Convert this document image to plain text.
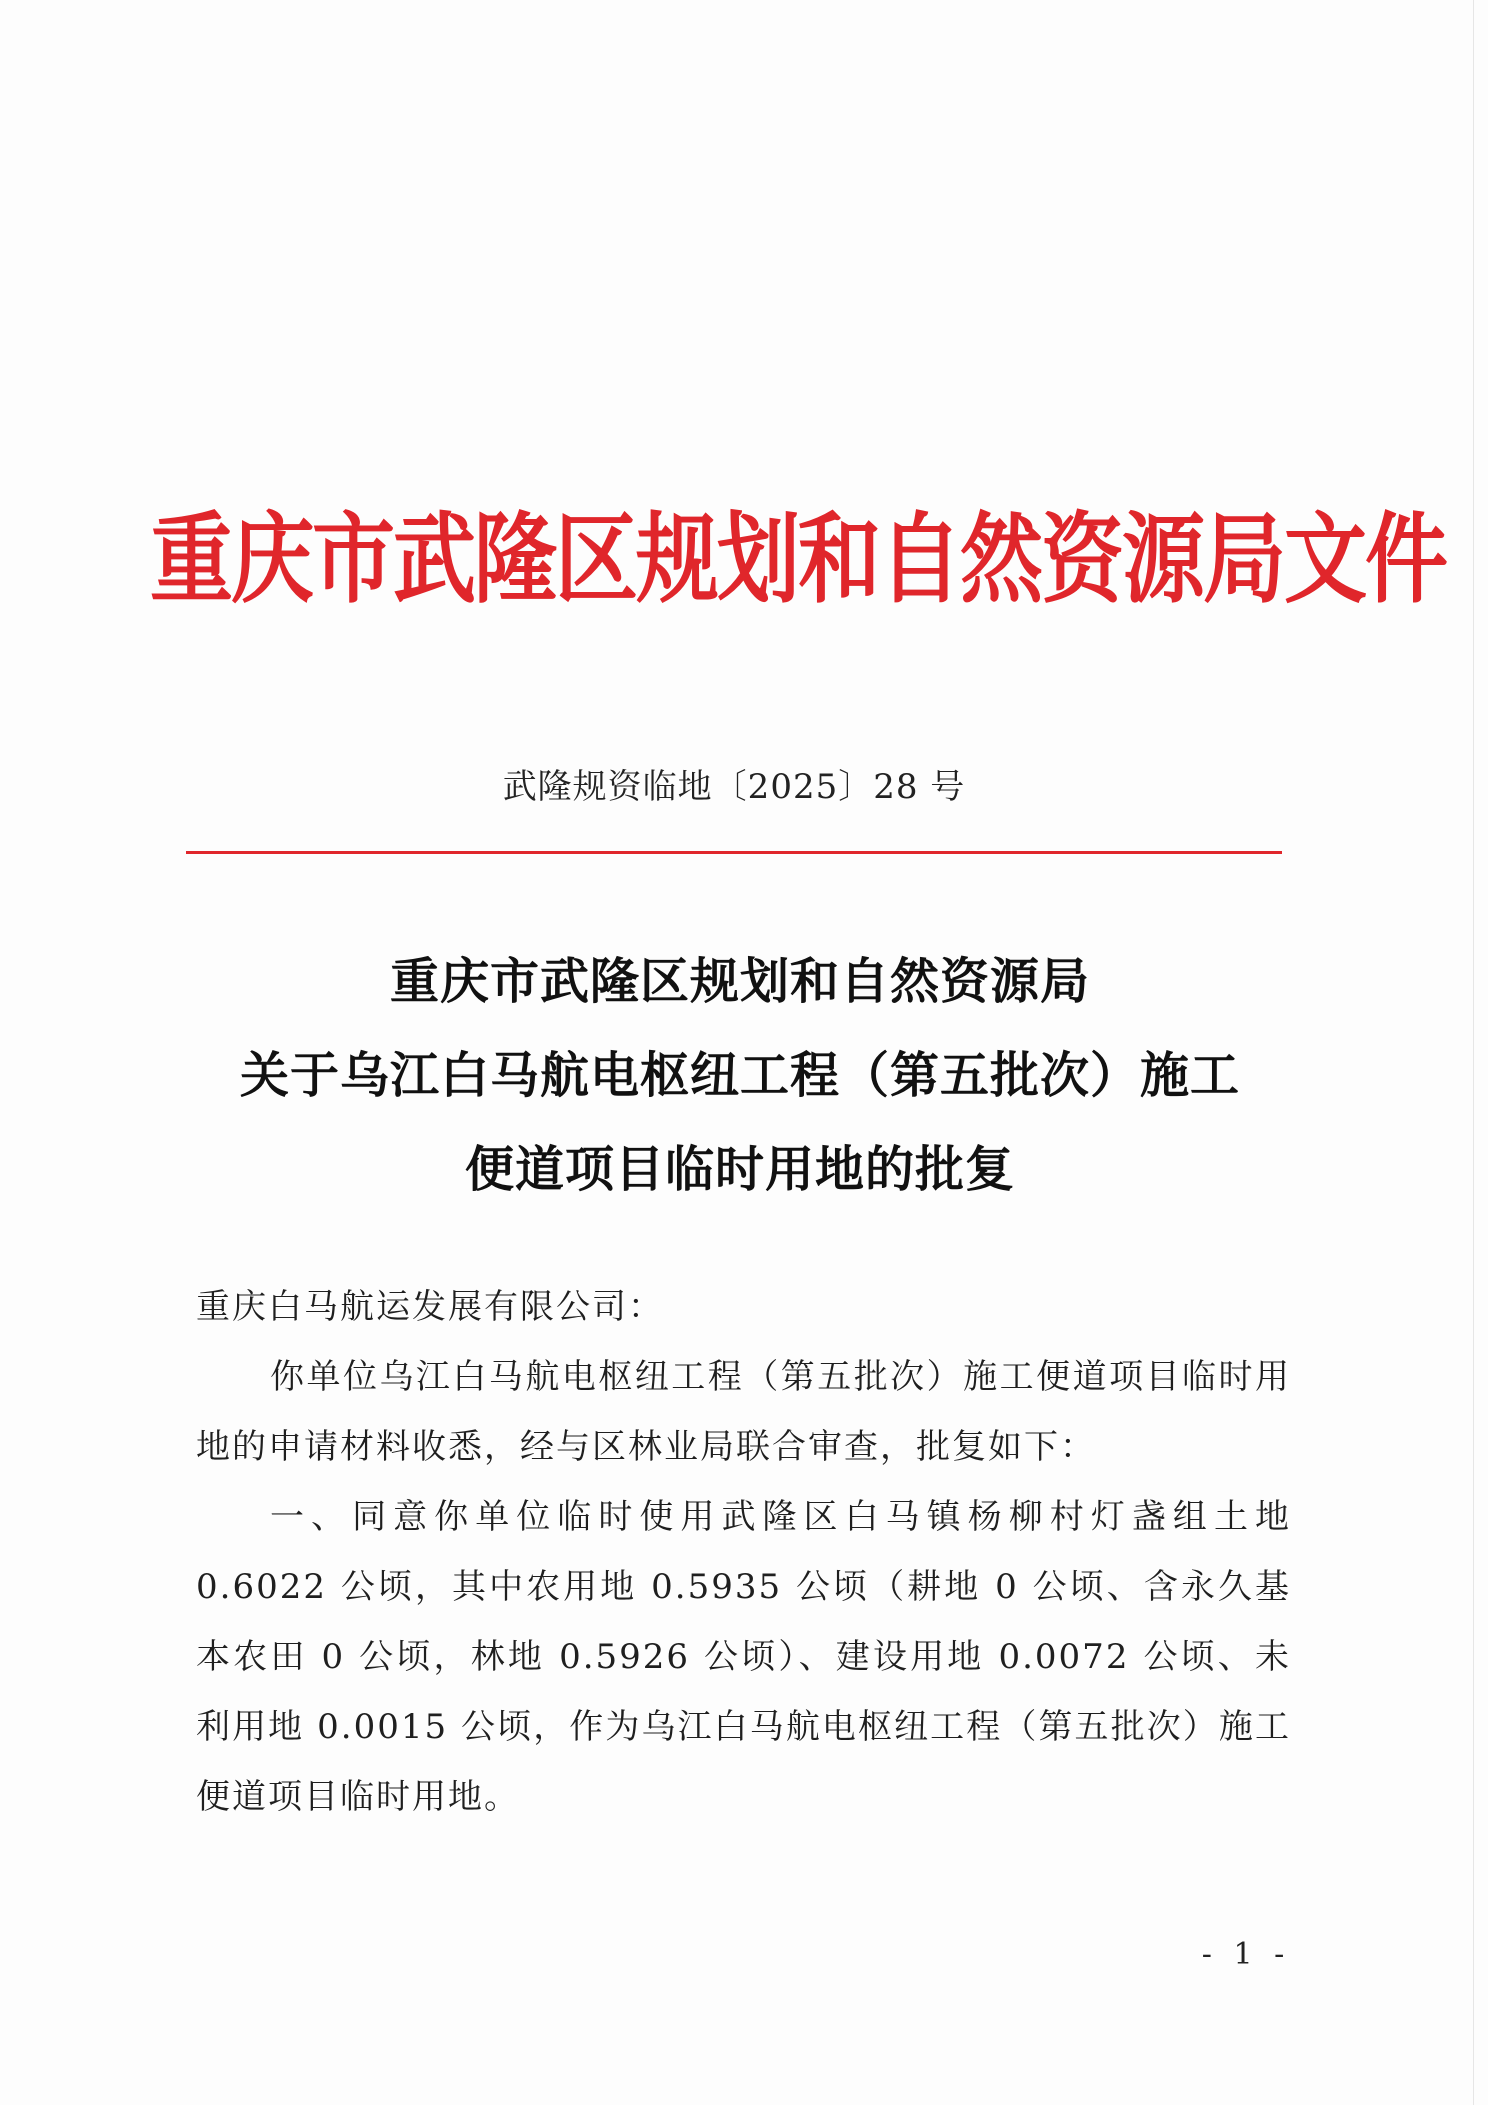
重庆市武隆区规划和自然资源局文件
武隆规资临地〔2025〕28 号
重庆市武隆区规划和自然资源局
关于乌江白马航电枢纽工程（第五批次）施工
便道项目临时用地的批复

重庆白马航运发展有限公司：

你单位乌江白马航电枢纽工程（第五批次）施工便道项目临时用地的申请材料收悉，经与区林业局联合审查，批复如下：

一、同意你单位临时使用武隆区白马镇杨柳村灯盏组土地 0.6022 公顷，其中农用地 0.5935 公顷（耕地 0 公顷、含永久基本农田 0 公顷，林地 0.5926 公顷）、建设用地 0.0072 公顷、未利用地 0.0015 公顷，作为乌江白马航电枢纽工程（第五批次）施工便道项目临时用地。

- 1 -
